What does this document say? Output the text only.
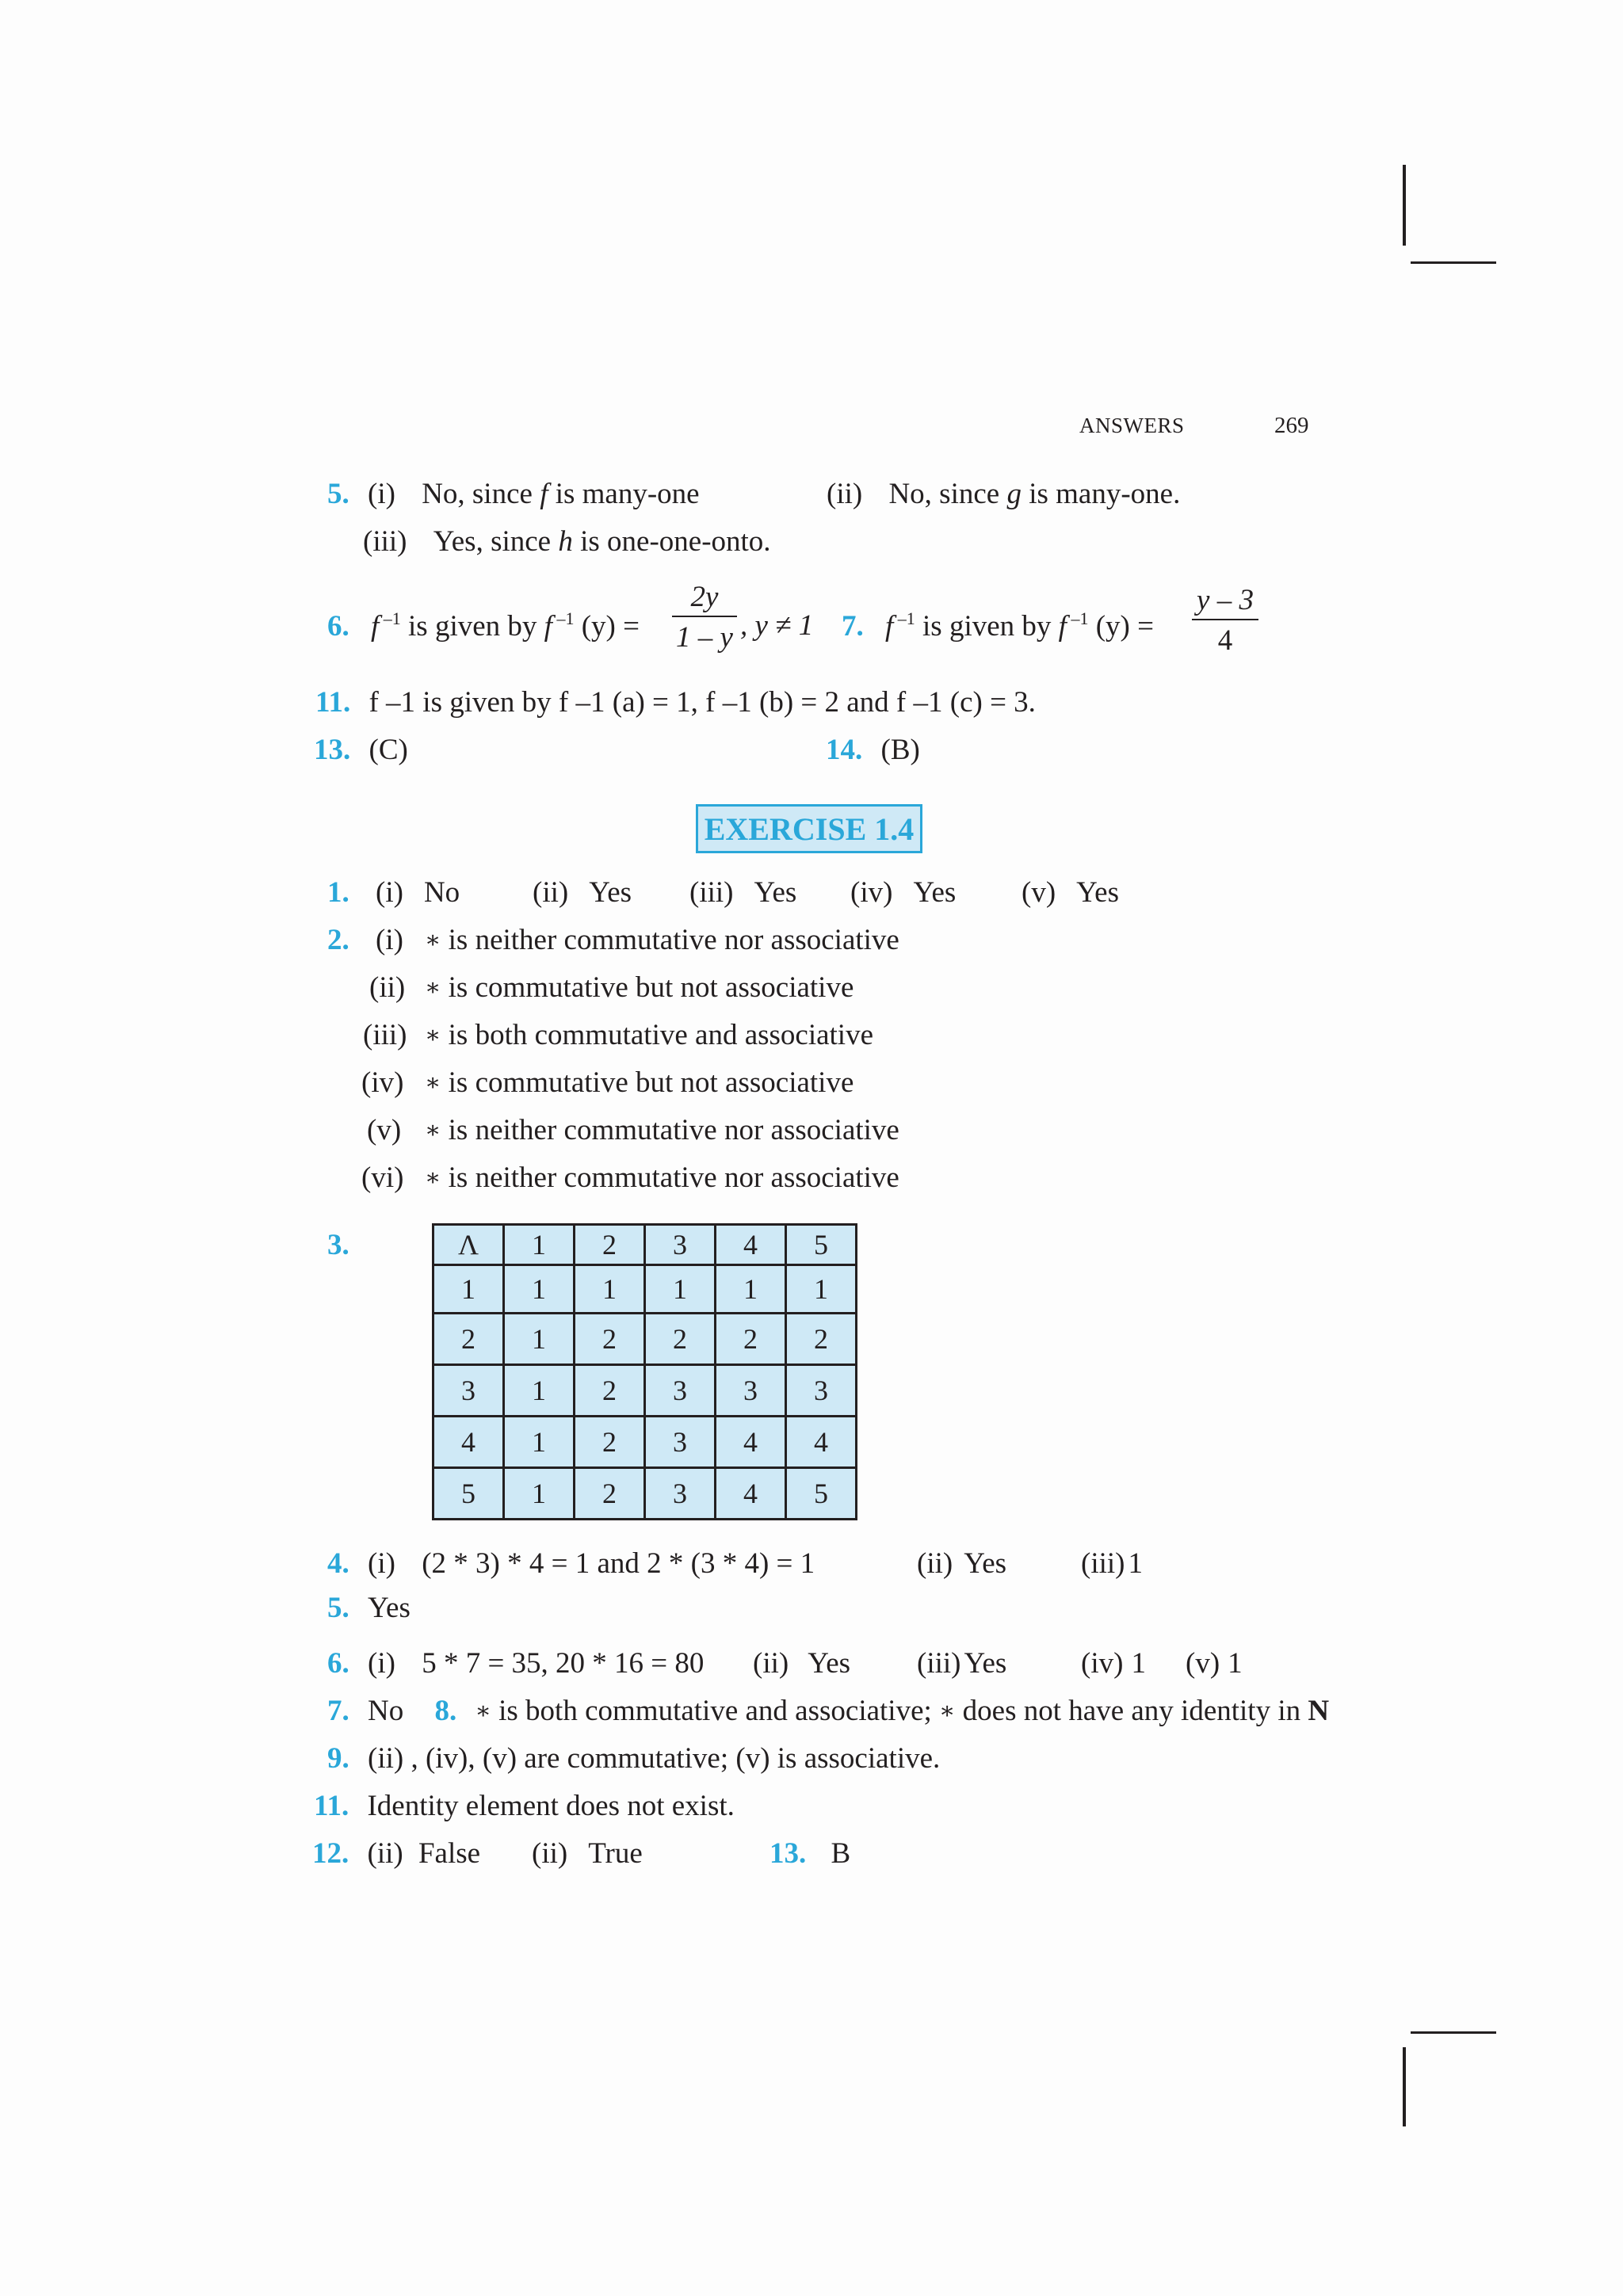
ANSWERS	269
5. (i) No, since f is many-one	(ii) No, since g is many-one.
(iii) Yes, since h is one-one-onto.
6. f $^{-1}$ is given by f $^{-1}$ (y) =
2y
1 – y , y ≠ 1 7. f $^{-1}$ is given by f $^{-1}$ (y) =
y – 3
4
11. f –1 is given by f –1 (a) = 1, f –1 (b) = 2 and f –1 (c) = 3.
13. (C)	14. (B)
EXERCISE 1.4
1. (i) No (ii) Yes (iii) Yes (iv) Yes (v) Yes
2. (i) ∗ is neither commutative nor associative
(ii) ∗ is commutative but not associative
(iii) ∗ is both commutative and associative
(iv) ∗ is commutative but not associative
(v) ∗ is neither commutative nor associative
(vi) ∗ is neither commutative nor associative
3.	Λ	1	2	3	4	5
1	1	1	1	1	1
2	1	2	2	2	2
3	1	2	3	3	3
4	1	2	3	4	4
5	1	2	3	4	5
4. (i) (2 * 3) * 4 = 1 and 2 * (3 * 4) = 1	(ii) Yes	(iii) 1
5. Yes
6. (i) 5 * 7 = 35, 20 * 16 = 80 (ii) Yes (iii) Yes	(iv) 1 (v) 1
7. No 8. ∗ is both commutative and associative; ∗ does not have any identity in N
9. (ii) , (iv), (v) are commutative; (v) is associative.
11. Identity element does not exist.
12. (ii) False (ii) True	13. B
